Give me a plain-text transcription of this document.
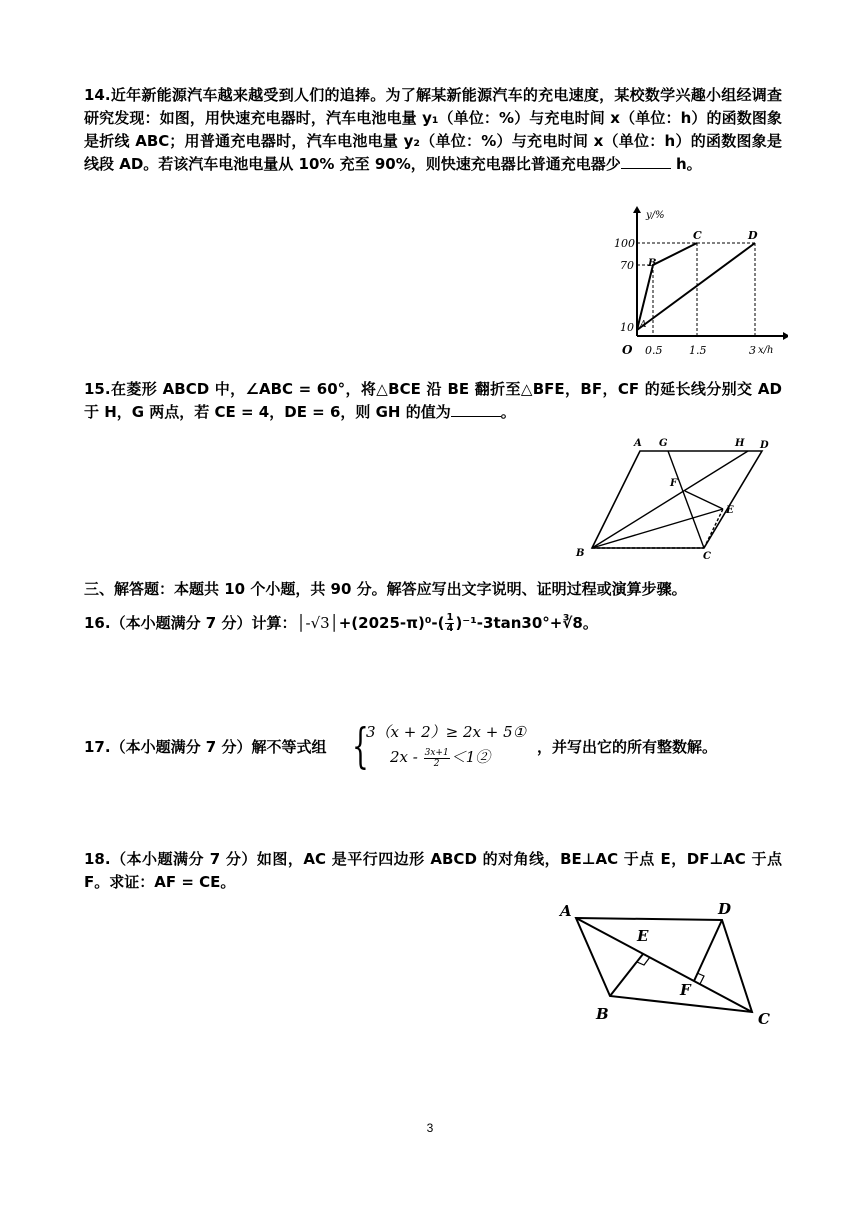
14.近年新能源汽车越来越受到人们的追捧。为了解某新能源汽车的充电速度，某校数学兴趣小组经调查研究发现：如图，用快速充电器时，汽车电池电量 y₁（单位：%）与充电时间 x（单位：h）的函数图象是折线 ABC；用普通充电器时，汽车电池电量 y₂（单位：%）与充电时间 x（单位：h）的函数图象是线段 AD。若该汽车电池电量从 10% 充至 90%，则快速充电器比普通充电器少	h。
y/%
x/h
O
100
70
10
0.5 1.5	3
A
B
C	D
15.在菱形 ABCD 中，∠ABC = 60°，将△BCE 沿 BE 翻折至△BFE，BF，CF 的延长线分别交 AD 于 H，G 两点，若 CE = 4，DE = 6，则 GH 的值为	。
A G	H D
F
E
B	C
三、解答题：本题共 10 个小题，共 90 分。解答应写出文字说明、证明过程或演算步骤。
16.（本小题满分 7 分）计算：│-√3│+(2025-π)⁰-( $\frac{1}{4}$ )⁻¹-3tan30°+∛8。
17.（本小题满分 7 分）解不等式组 {
3（x + 2）≥ 2x + 5①
$2x - \frac{3x+1}{2}$ ＜1②
，并写出它的所有整数解。
18.（本小题满分 7 分）如图，AC 是平行四边形 ABCD 的对角线，BE⊥AC 于点 E，DF⊥AC 于点 F。求证：AF = CE。
A	D
E
F
B	C
3
